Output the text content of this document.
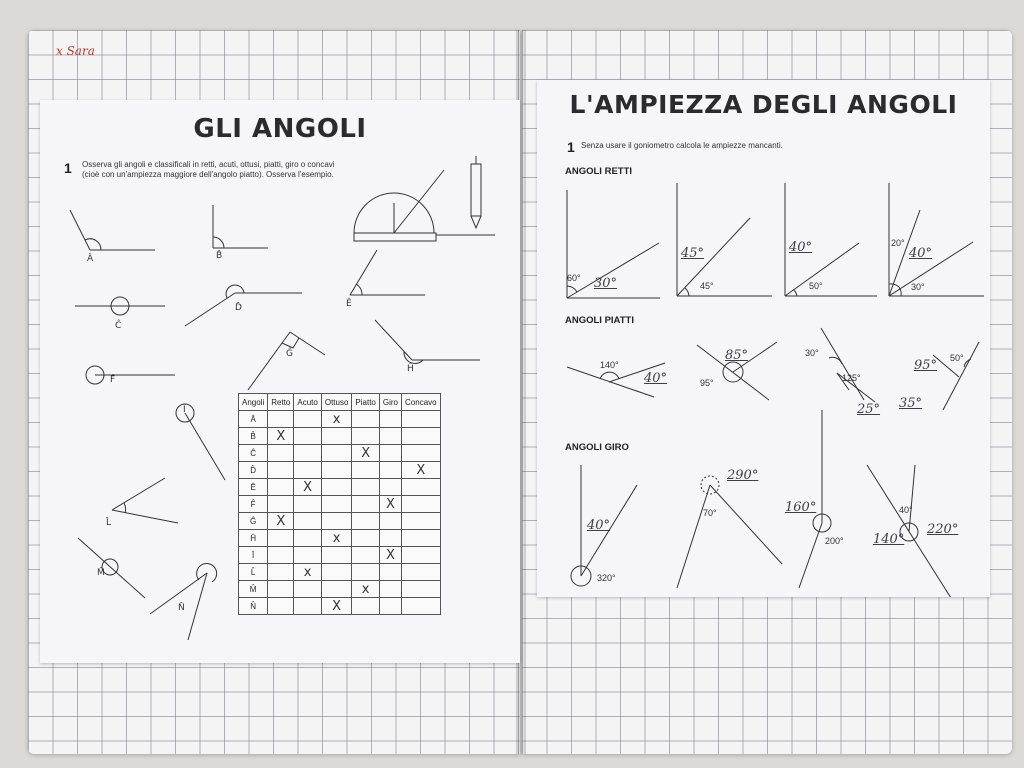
x Sara
GLI ANGOLI
1 Osserva gli angoli e classificali in retti, acuti, ottusi, piatti, giro o concavi
(cioè con un'ampiezza maggiore dell'angolo piatto). Osserva l'esempio.
Â	B̂
Ĉ
D̂	Ê
F̂
Ĝ
Ĥ
Î
L̂
M̂
N̂
Angoli	Retto	Acuto	Ottuso	Piatto	Giro	Concavo
Â			x			
B̂	X					
Ĉ				X		
D̂						X
Ê		X				
F̂					X	
Ĝ	X					
Ĥ			x			
Î					X	
L̂		x				
M̂				x		
N̂			X			
L'AMPIEZZA DEGLI ANGOLI
1 Senza usare il goniometro calcola le ampiezze mancanti.
ANGOLI RETTI
ANGOLI PIATTI
ANGOLI GIRO
60° 30°
45°
45°
40°
50°
20°
40°
30°
140°
40°
85°
95°
30°
125°
25°
95° 50°
35°
40°
320°
290°
70°	160°
200°
40°
140°
220°
